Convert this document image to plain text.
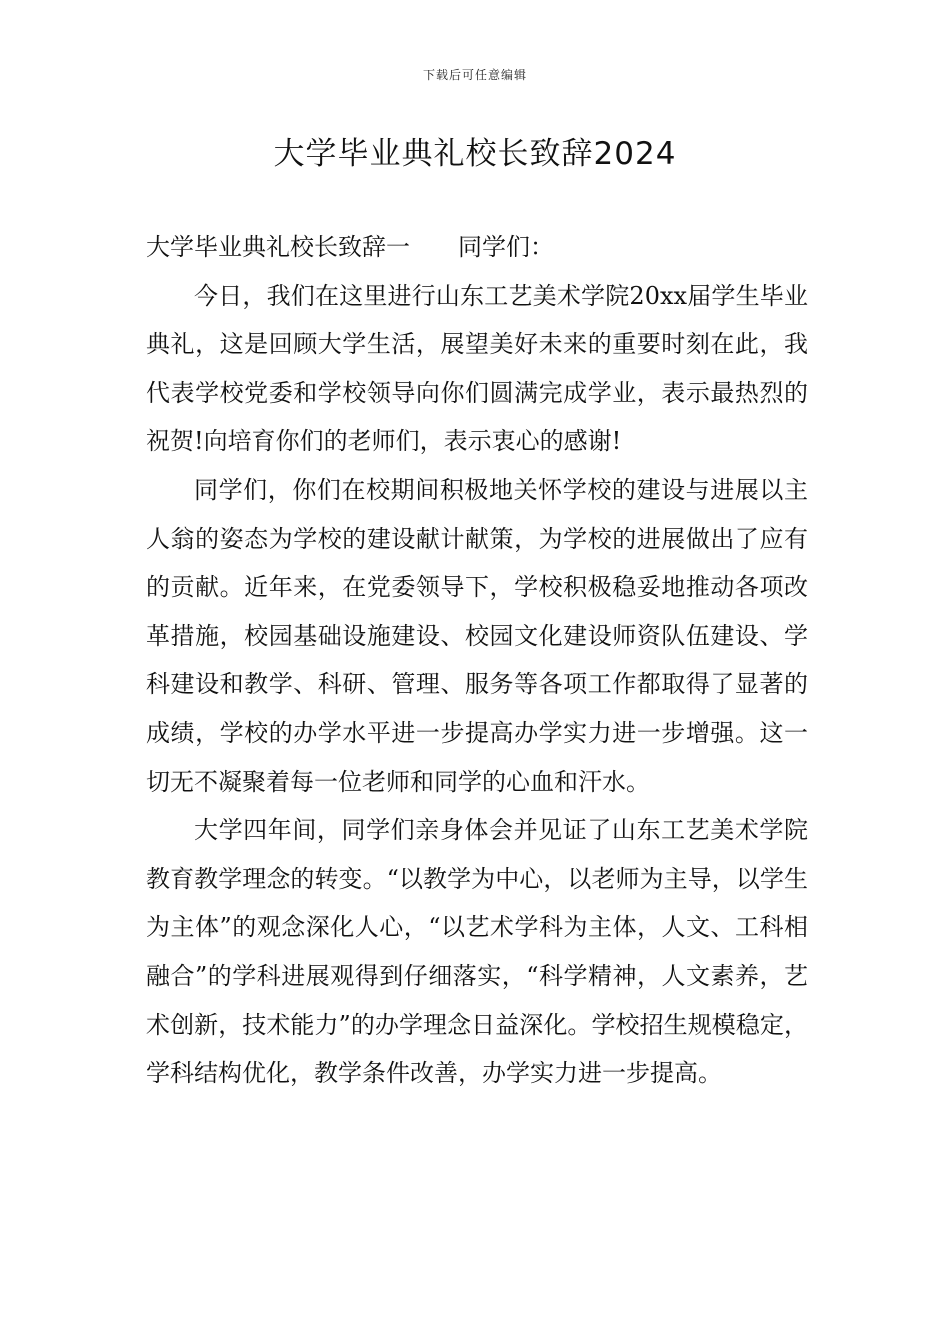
下载后可任意编辑
大学毕业典礼校长致辞2024

大学毕业典礼校长致辞一 同学们：

今日，我们在这里进行山东工艺美术学院20xx届学生毕业典礼，这是回顾大学生活，展望美好未来的重要时刻在此，我代表学校党委和学校领导向你们圆满完成学业，表示最热烈的祝贺!向培育你们的老师们，表示衷心的感谢!

同学们，你们在校期间积极地关怀学校的建设与进展以主人翁的姿态为学校的建设献计献策，为学校的进展做出了应有的贡献。近年来，在党委领导下，学校积极稳妥地推动各项改革措施，校园基础设施建设、校园文化建设师资队伍建设、学科建设和教学、科研、管理、服务等各项工作都取得了显著的成绩，学校的办学水平进一步提高办学实力进一步增强。这一切无不凝聚着每一位老师和同学的心血和汗水。

大学四年间，同学们亲身体会并见证了山东工艺美术学院教育教学理念的转变。“以教学为中心，以老师为主导，以学生为主体”的观念深化人心，“以艺术学科为主体，人文、工科相融合”的学科进展观得到仔细落实，“科学精神，人文素养，艺术创新，技术能力”的办学理念日益深化。学校招生规模稳定，学科结构优化，教学条件改善，办学实力进一步提高。
